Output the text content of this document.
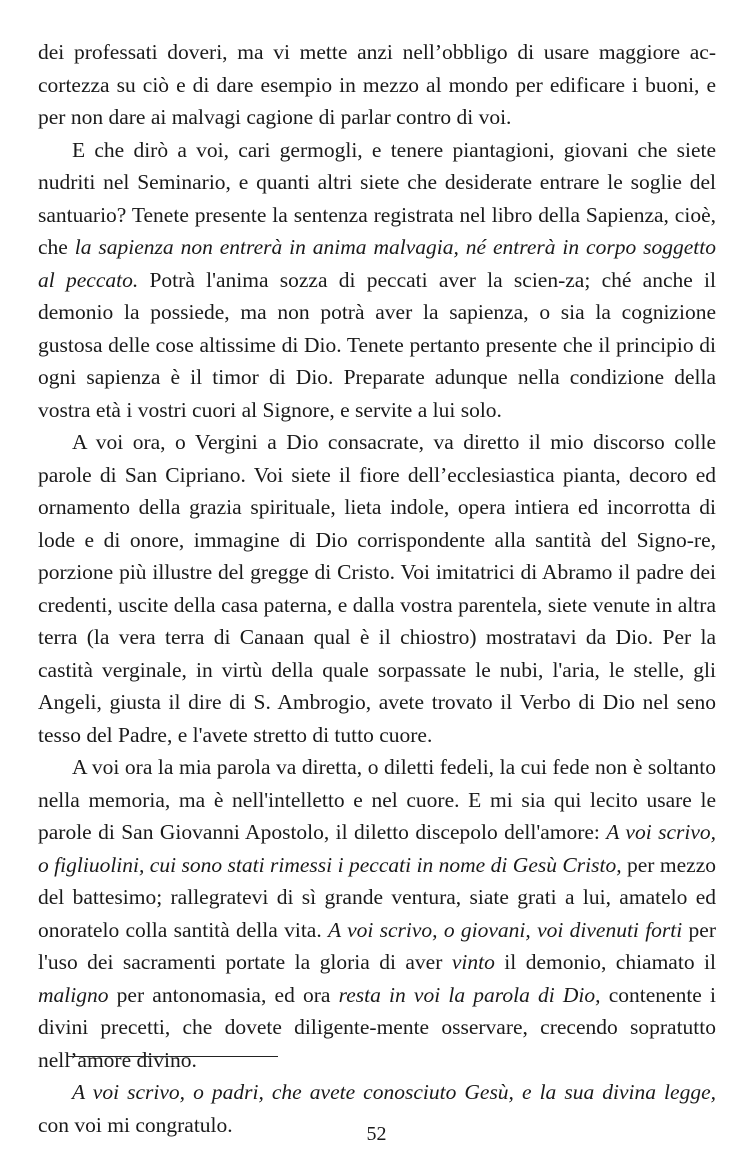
dei professati doveri, ma vi mette anzi nell’obbligo di usare maggiore ac-cortezza su ciò e di dare esempio in mezzo al mondo per edificare i buoni, e per non dare ai malvagi cagione di parlar contro di voi.

E che dirò a voi, cari germogli, e tenere piantagioni, giovani che siete nudriti nel Seminario, e quanti altri siete che desiderate entrare le soglie del santuario? Tenete presente la sentenza registrata nel libro della Sapienza, cioè, che la sapienza non entrerà in anima malvagia, né entrerà in corpo soggetto al peccato. Potrà l'anima sozza di peccati aver la scien-za; ché anche il demonio la possiede, ma non potrà aver la sapienza, o sia la cognizione gustosa delle cose altissime di Dio. Tenete pertanto presente che il principio di ogni sapienza è il timor di Dio. Preparate adunque nella condizione della vostra età i vostri cuori al Signore, e servite a lui solo.

A voi ora, o Vergini a Dio consacrate, va diretto il mio discorso colle parole di San Cipriano. Voi siete il fiore dell’ecclesiastica pianta, decoro ed ornamento della grazia spirituale, lieta indole, opera intiera ed incorrotta di lode e di onore, immagine di Dio corrispondente alla santità del Signo-re, porzione più illustre del gregge di Cristo. Voi imitatrici di Abramo il padre dei credenti, uscite della casa paterna, e dalla vostra parentela, siete venute in altra terra (la vera terra di Canaan qual è il chiostro) mostratavi da Dio. Per la castità verginale, in virtù della quale sorpassate le nubi, l'aria, le stelle, gli Angeli, giusta il dire di S. Ambrogio, avete trovato il Verbo di Dio nel seno tesso del Padre, e l'avete stretto di tutto cuore.

A voi ora la mia parola va diretta, o diletti fedeli, la cui fede non è soltanto nella memoria, ma è nell'intelletto e nel cuore. E mi sia qui lecito usare le parole di San Giovanni Apostolo, il diletto discepolo dell'amore: A voi scrivo, o figliuolini, cui sono stati rimessi i peccati in nome di Gesù Cristo, per mezzo del battesimo; rallegratevi di sì grande ventura, siate grati a lui, amatelo ed onoratelo colla santità della vita. A voi scrivo, o giovani, voi divenuti forti per l'uso dei sacramenti portate la gloria di aver vinto il demonio, chiamato il maligno per antonomasia, ed ora resta in voi la parola di Dio, contenente i divini precetti, che dovete diligente-mente osservare, crecendo sopratutto nell’amore divino.

A voi scrivo, o padri, che avete conosciuto Gesù, e la sua divina legge, con voi mi congratulo.	52
